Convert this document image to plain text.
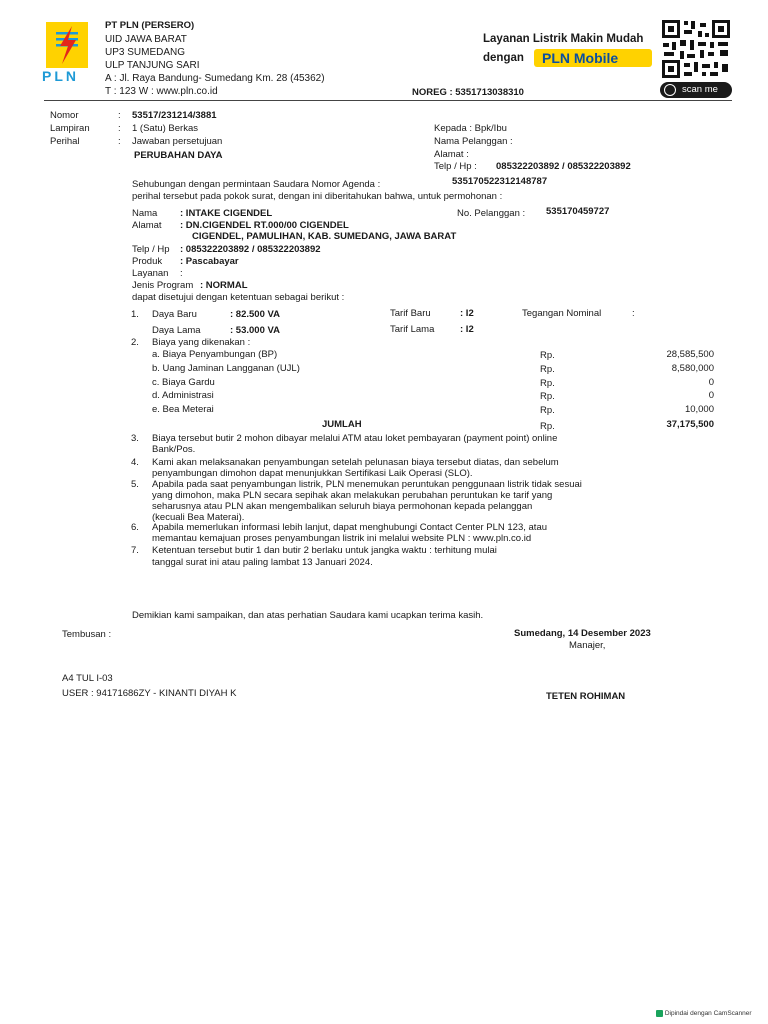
PLN
PT PLN (PERSERO)
UID JAWA BARAT
UP3 SUMEDANG
ULP TANJUNG SARI
A : Jl. Raya Bandung- Sumedang Km. 28 (45362)
T : 123 W : www.pln.co.id
Layanan Listrik Makin Mudah
dengan PLN Mobile
scan me
NOREG : 5351713038310
Nomor	: 53517/231214/3881
Lampiran	: 1 (Satu) Berkas
Perihal	: Jawaban persetujuan
PERUBAHAN DAYA
Kepada : Bpk/Ibu
Nama Pelanggan :
Alamat :
Telp / Hp : 085322203892 / 085322203892
Sehubungan dengan permintaan Saudara Nomor Agenda :	535170522312148787
perihal tersebut pada pokok surat, dengan ini diberitahukan bahwa, untuk permohonan :
Nama : INTAKE CIGENDEL	No. Pelanggan : 535170459727
Alamat : DN.CIGENDEL RT.000/00 CIGENDEL
CIGENDEL, PAMULIHAN, KAB. SUMEDANG, JAWA BARAT
Telp / Hp : 085322203892 / 085322203892
Produk : Pascabayar
Layanan :
Jenis Program : NORMAL
dapat disetujui dengan ketentuan sebagai berikut :
1. Daya Baru	: 82.500 VA	Tarif Baru	: I2	Tegangan Nominal	:
Daya Lama	: 53.000 VA	Tarif Lama	: I2
2. Biaya yang dikenakan :
a. Biaya Penyambungan (BP)	Rp.	28,585,500
b. Uang Jaminan Langganan (UJL)	Rp.	8,580,000
c. Biaya Gardu	Rp.	0
d. Administrasi	Rp.	0
e. Bea Meterai	Rp.	10,000
JUMLAH	Rp.	37,175,500
3. Biaya tersebut butir 2 mohon dibayar melalui ATM atau loket pembayaran (payment point) online
Bank/Pos.
4. Kami akan melaksanakan penyambungan setelah pelunasan biaya tersebut diatas, dan sebelum
penyambungan dimohon dapat menunjukkan Sertifikasi Laik Operasi (SLO).
5. Apabila pada saat penyambungan listrik, PLN menemukan peruntukan penggunaan listrik tidak sesuai
yang dimohon, maka PLN secara sepihak akan melakukan perubahan peruntukan ke tarif yang
seharusnya atau PLN akan mengembalikan seluruh biaya permohonan kepada pelanggan
(kecuali Bea Materai).
6. Apabila memerlukan informasi lebih lanjut, dapat menghubungi Contact Center PLN 123, atau
memantau kemajuan proses penyambungan listrik ini melalui website PLN : www.pln.co.id
7. Ketentuan tersebut butir 1 dan butir 2 berlaku untuk jangka waktu : terhitung mulai
tanggal surat ini atau paling lambat 13 Januari 2024.
Demikian kami sampaikan, dan atas perhatian Saudara kami ucapkan terima kasih.
Tembusan :	Sumedang, 14 Desember 2023
Manajer,
A4 TUL I-03
USER : 94171686ZY - KINANTI DIYAH K	TETEN ROHIMAN
Dipindai dengan CamScanner
